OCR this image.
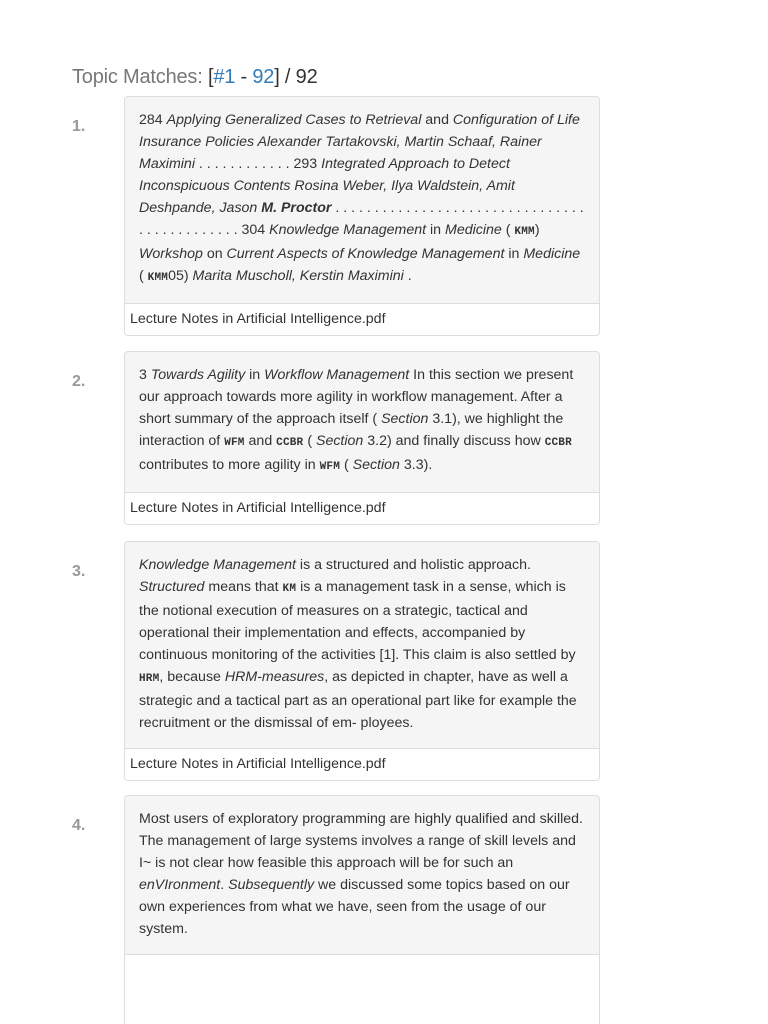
Topic Matches: [#1 - 92] / 92
1.	284 Applying Generalized Cases to Retrieval and Configuration of Life Insurance Policies Alexander Tartakovski, Martin Schaaf, Rainer Maximini . . . . . . . . . . . . 293 Integrated Approach to Detect Inconspicuous Contents Rosina Weber, Ilya Waldstein, Amit Deshpande, Jason M. Proctor . . . . . . . . . . . . . . . . . . . . . . . . . . . . . . . . . . . . . . . . . . . . . 304 Knowledge Management in Medicine ( KMM) Workshop on Current Aspects of Knowledge Management in Medicine ( KMM05) Marita Muscholl, Kerstin Maximini .
Lecture Notes in Artificial Intelligence.pdf
2.	3 Towards Agility in Workflow Management In this section we present our approach towards more agility in workflow management. After a short summary of the approach itself ( Section 3.1), we highlight the interaction of WFM and CCBR ( Section 3.2) and finally discuss how CCBR contributes to more agility in WFM ( Section 3.3).
Lecture Notes in Artificial Intelligence.pdf
3.	Knowledge Management is a structured and holistic approach. Structured means that KM is a management task in a sense, which is the notional execution of measures on a strategic, tactical and operational their implementation and effects, accompanied by continuous monitoring of the activities [1]. This claim is also settled by HRM, because HRM-measures, as depicted in chapter, have as well a strategic and a tactical part as an operational part like for example the recruitment or the dismissal of em- ployees.
Lecture Notes in Artificial Intelligence.pdf
4.	Most users of exploratory programming are highly qualified and skilled. The management of large systems involves a range of skill levels and I~ is not clear how feasible this approach will be for such an enVIronment. Subsequently we discussed some topics based on our own experiences from what we have, seen from the usage of our system.
